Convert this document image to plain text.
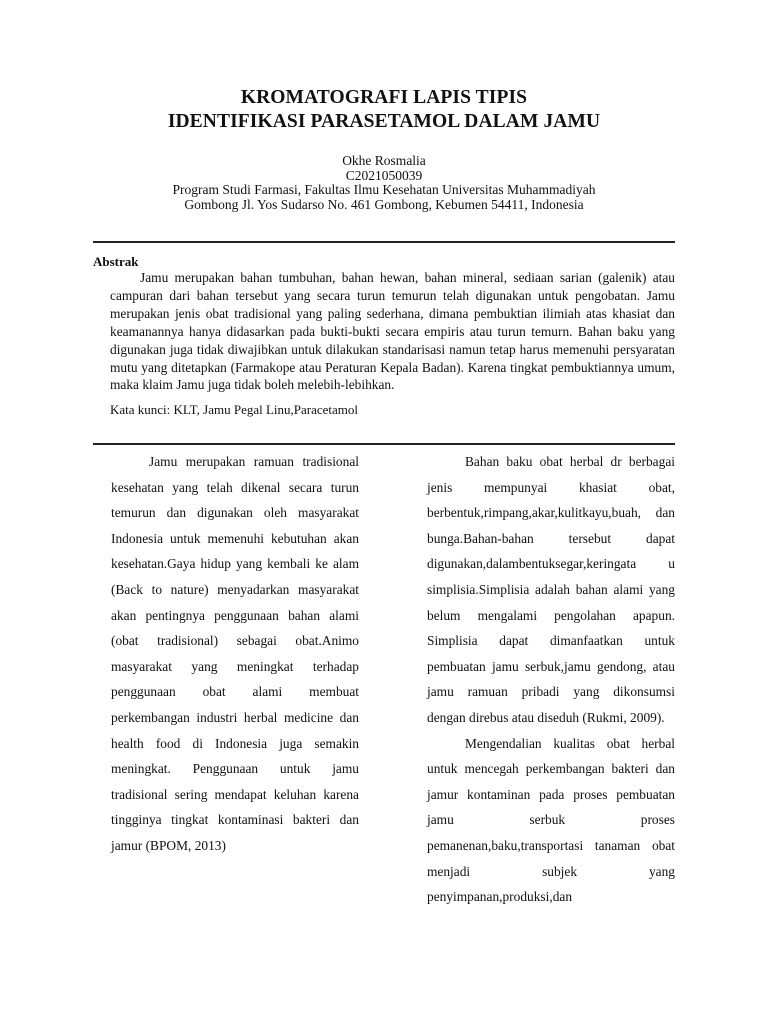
KROMATOGRAFI LAPIS TIPIS
IDENTIFIKASI PARASETAMOL DALAM JAMU
Okhe Rosmalia
C2021050039
Program Studi Farmasi, Fakultas Ilmu Kesehatan Universitas Muhammadiyah
Gombong Jl. Yos Sudarso No. 461 Gombong, Kebumen 54411, Indonesia
Abstrak

Jamu merupakan bahan tumbuhan, bahan hewan, bahan mineral, sediaan sarian (galenik) atau campuran dari bahan tersebut yang secara turun temurun telah digunakan untuk pengobatan. Jamu merupakan jenis obat tradisional yang paling sederhana, dimana pembuktian ilimiah atas khasiat dan keamanannya hanya didasarkan pada bukti-bukti secara empiris atau turun temurn. Bahan baku yang digunakan juga tidak diwajibkan untuk dilakukan standarisasi namun tetap harus memenuhi persyaratan mutu yang ditetapkan (Farmakope atau Peraturan Kepala Badan). Karena tingkat pembuktiannya umum, maka klaim Jamu juga tidak boleh melebih-lebihkan.

Kata kunci: KLT, Jamu Pegal Linu,Paracetamol

Jamu merupakan ramuan tradisional kesehatan yang telah dikenal secara turun temurun dan digunakan oleh masyarakat Indonesia untuk memenuhi kebutuhan akan kesehatan.Gaya hidup yang kembali ke alam (Back to nature) menyadarkan masyarakat akan pentingnya penggunaan bahan alami (obat tradisional) sebagai obat.Animo masyarakat yang meningkat terhadap penggunaan obat alami membuat perkembangan industri herbal medicine dan health food di Indonesia juga semakin meningkat. Penggunaan untuk jamu tradisional sering mendapat keluhan karena tingginya tingkat kontaminasi bakteri dan jamur (BPOM, 2013)

Bahan baku obat herbal dr berbagai jenis mempunyai khasiat obat, berbentuk,rimpang,akar,kulitkayu,buah, dan bunga.Bahan-bahan tersebut dapat digunakan,dalambentuksegar,keringata u simplisia.Simplisia adalah bahan alami yang belum mengalami pengolahan apapun. Simplisia dapat dimanfaatkan untuk pembuatan jamu serbuk,jamu gendong, atau jamu ramuan pribadi yang dikonsumsi dengan direbus atau diseduh (Rukmi, 2009).

Mengendalian kualitas obat herbal untuk mencegah perkembangan bakteri dan jamur kontaminan pada proses pembuatan jamu serbuk proses pemanenan,baku,transportasi tanaman obat menjadi subjek yang penyimpanan,produksi,dan
